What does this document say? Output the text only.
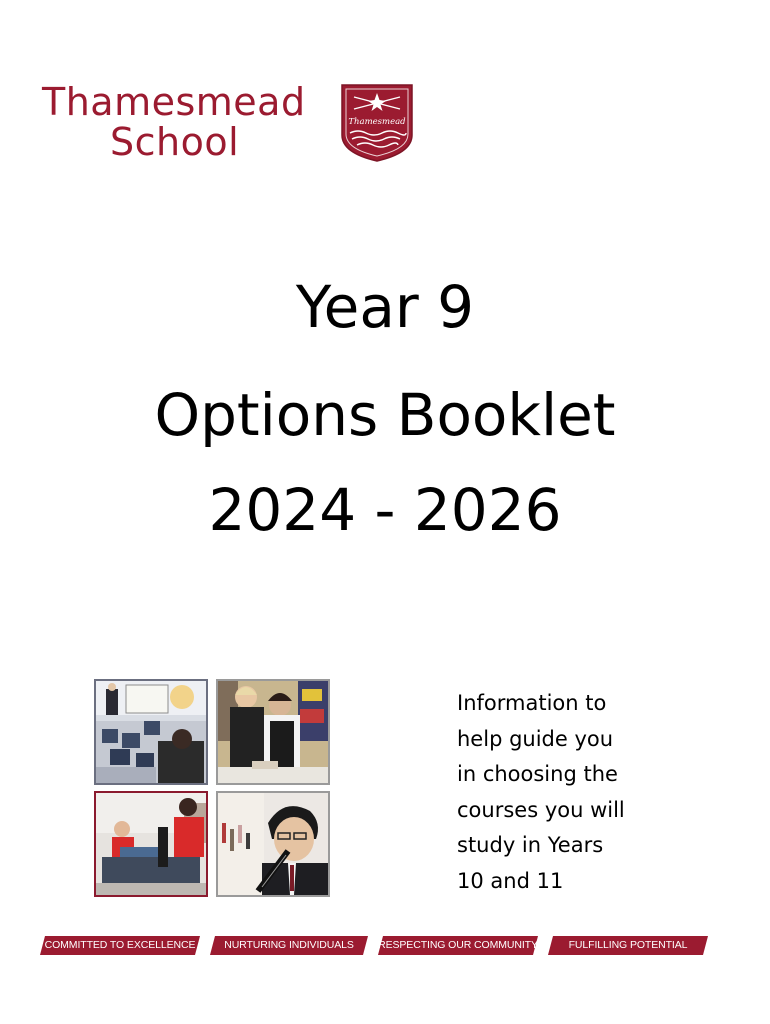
Thamesmead
School	Thamesmead
Year 9
Options Booklet
2024 - 2026
Information to
help guide you
in choosing the
courses you will
study in Years
10 and 11
COMMITTED TO EXCELLENCE	NURTURING INDIVIDUALS	RESPECTING OUR COMMUNITY	FULFILLING POTENTIAL
